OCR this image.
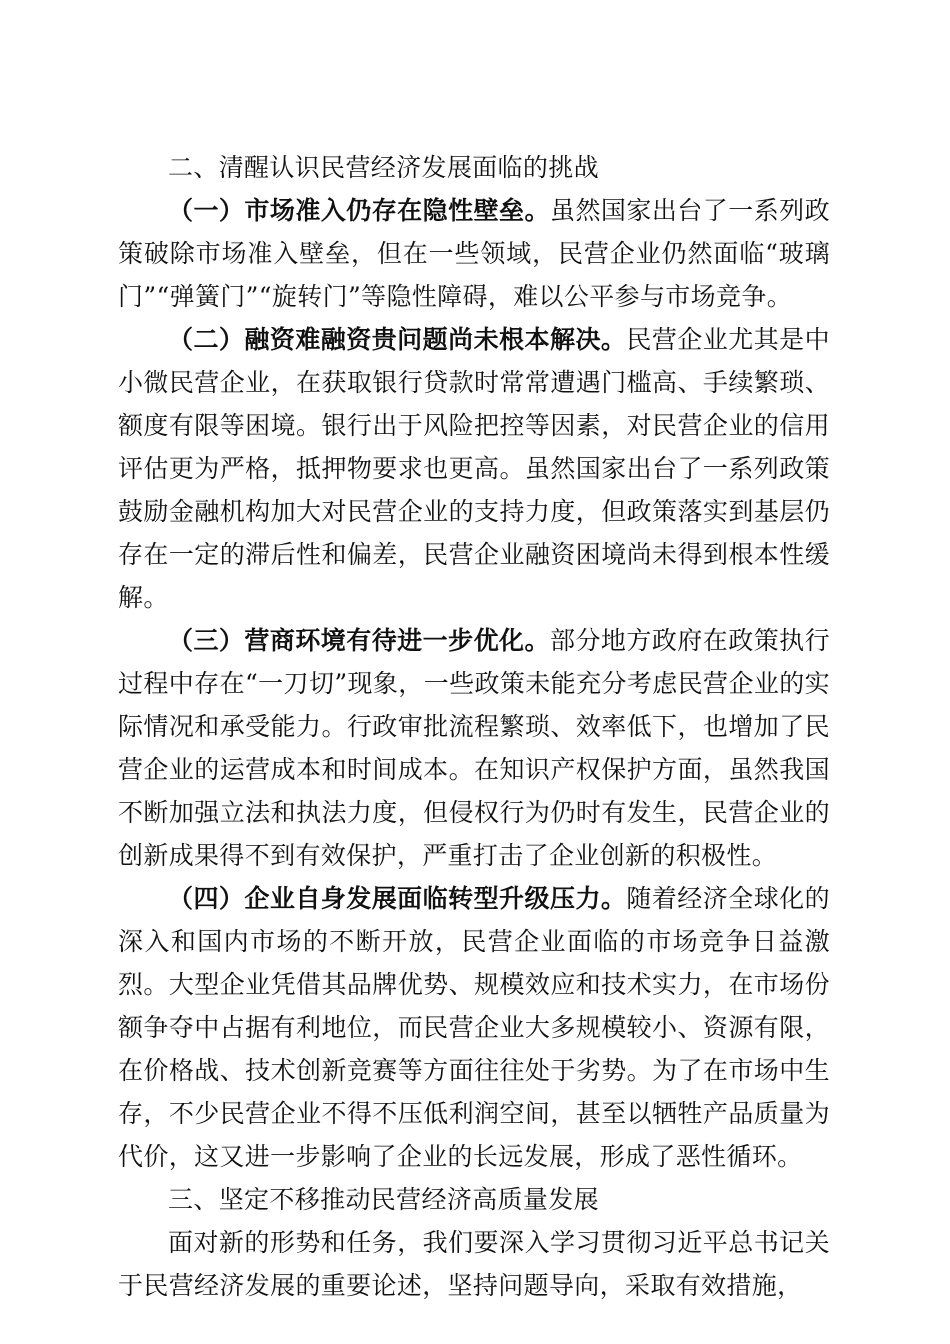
二、清醒认识民营经济发展面临的挑战

（一）市场准入仍存在隐性壁垒。虽然国家出台了一系列政策破除市场准入壁垒，但在一些领域，民营企业仍然面临“玻璃门”“弹簧门”“旋转门”等隐性障碍，难以公平参与市场竞争。

（二）融资难融资贵问题尚未根本解决。民营企业尤其是中小微民营企业，在获取银行贷款时常常遭遇门槛高、手续繁琐、额度有限等困境。银行出于风险把控等因素，对民营企业的信用评估更为严格，抵押物要求也更高。虽然国家出台了一系列政策鼓励金融机构加大对民营企业的支持力度，但政策落实到基层仍存在一定的滞后性和偏差，民营企业融资困境尚未得到根本性缓解。

（三）营商环境有待进一步优化。部分地方政府在政策执行过程中存在“一刀切”现象，一些政策未能充分考虑民营企业的实际情况和承受能力。行政审批流程繁琐、效率低下，也增加了民营企业的运营成本和时间成本。在知识产权保护方面，虽然我国不断加强立法和执法力度，但侵权行为仍时有发生，民营企业的创新成果得不到有效保护，严重打击了企业创新的积极性。

（四）企业自身发展面临转型升级压力。随着经济全球化的深入和国内市场的不断开放，民营企业面临的市场竞争日益激烈。大型企业凭借其品牌优势、规模效应和技术实力，在市场份额争夺中占据有利地位，而民营企业大多规模较小、资源有限，在价格战、技术创新竞赛等方面往往处于劣势。为了在市场中生存，不少民营企业不得不压低利润空间，甚至以牺牲产品质量为代价，这又进一步影响了企业的长远发展，形成了恶性循环。

三、坚定不移推动民营经济高质量发展

面对新的形势和任务，我们要深入学习贯彻习近平总书记关于民营经济发展的重要论述，坚持问题导向，采取有效措施，
